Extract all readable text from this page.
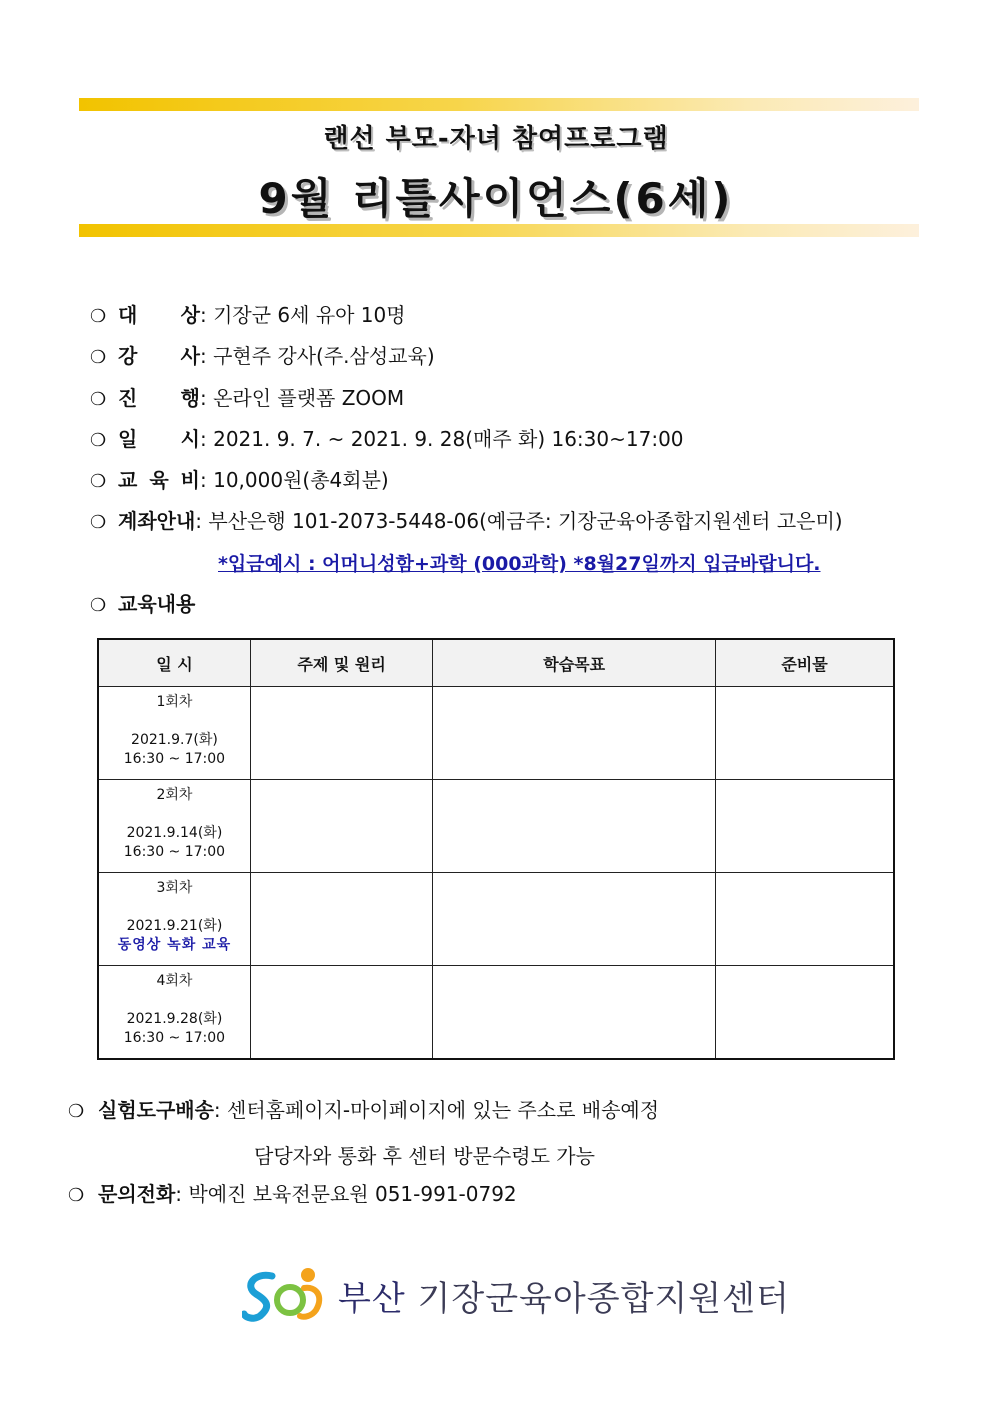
랜선 부모-자녀 참여프로그램
9월 리틀사이언스(6세)
❍ 대 상 : 기장군 6세 유아 10명
❍ 강 사 : 구현주 강사(주.삼성교육)
❍ 진 행 : 온라인 플랫폼 ZOOM
❍ 일 시 : 2021. 9. 7. ~ 2021. 9. 28(매주 화) 16:30~17:00
❍ 교 육 비 : 10,000원(총4회분)
❍ 계좌안내: 부산은행 101-2073-5448-06(예금주: 기장군육아종합지원센터 고은미)
*입금예시 : 어머니성함+과학 (000과학) *8월27일까지 입금바랍니다.
❍ 교육내용
일 시	주제 및 원리	학습목표	준비물

1회차
2021.9.7(화)
16:30 ~ 17:00			

2회차
2021.9.14(화)
16:30 ~ 17:00			

3회차
2021.9.21(화)
동영상 녹화 교육			

4회차
2021.9.28(화)
16:30 ~ 17:00			

❍ 실험도구배송: 센터홈페이지-마이페이지에 있는 주소로 배송예정
담당자와 통화 후 센터 방문수령도 가능
❍ 문의전화: 박예진 보육전문요원 051-991-0792
부산 기장군육아종합지원센터
